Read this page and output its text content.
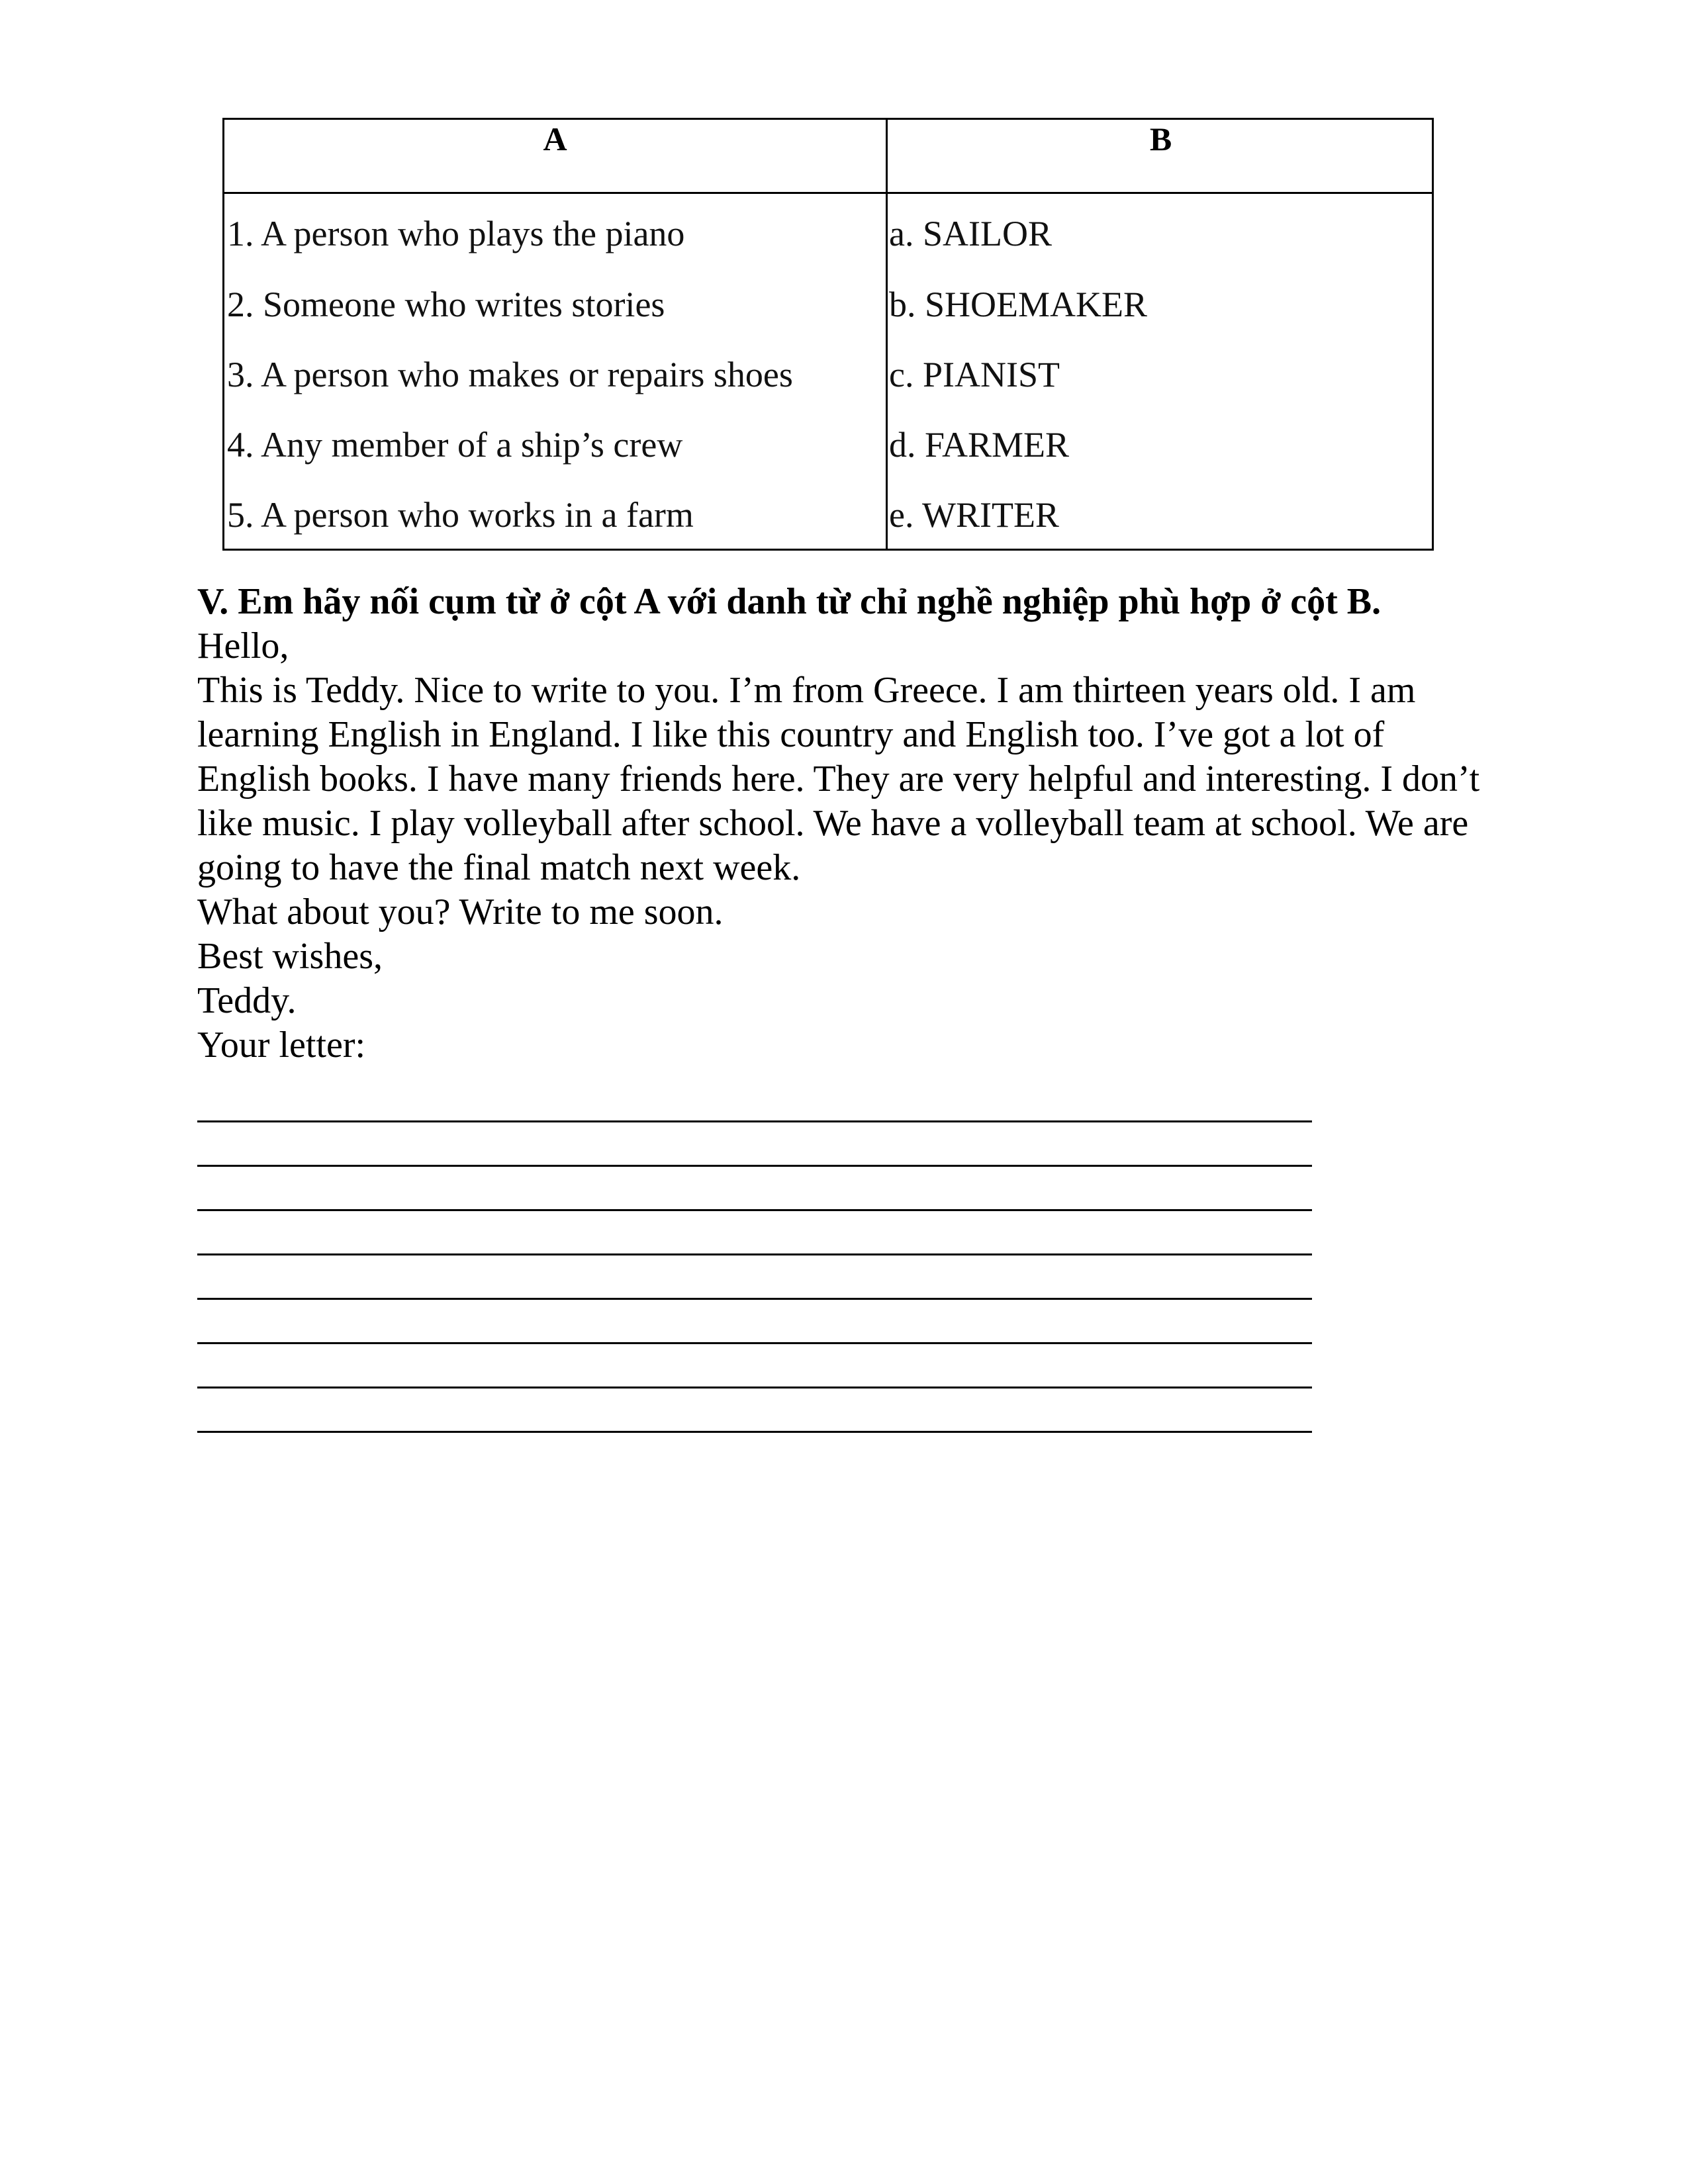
A	B
1. A person who plays the piano
2. Someone who writes stories
3. A person who makes or repairs shoes
4. Any member of a ship’s crew
5. A person who works in a farm
a. SAILOR
b. SHOEMAKER
c. PIANIST
d. FARMER
e. WRITER

V. Em hãy nối cụm từ ở cột A với danh từ chỉ nghề nghiệp phù hợp ở cột B.

Hello,

This is Teddy. Nice to write to you. I’m from Greece. I am thirteen years old. I am learning English in England. I like this country and English too. I’ve got a lot of English books. I have many friends here. They are very helpful and interesting. I don’t like music. I play volleyball after school. We have a volleyball team at school. We are going to have the final match next week.

What about you? Write to me soon.

Best wishes,

Teddy.

Your letter:
